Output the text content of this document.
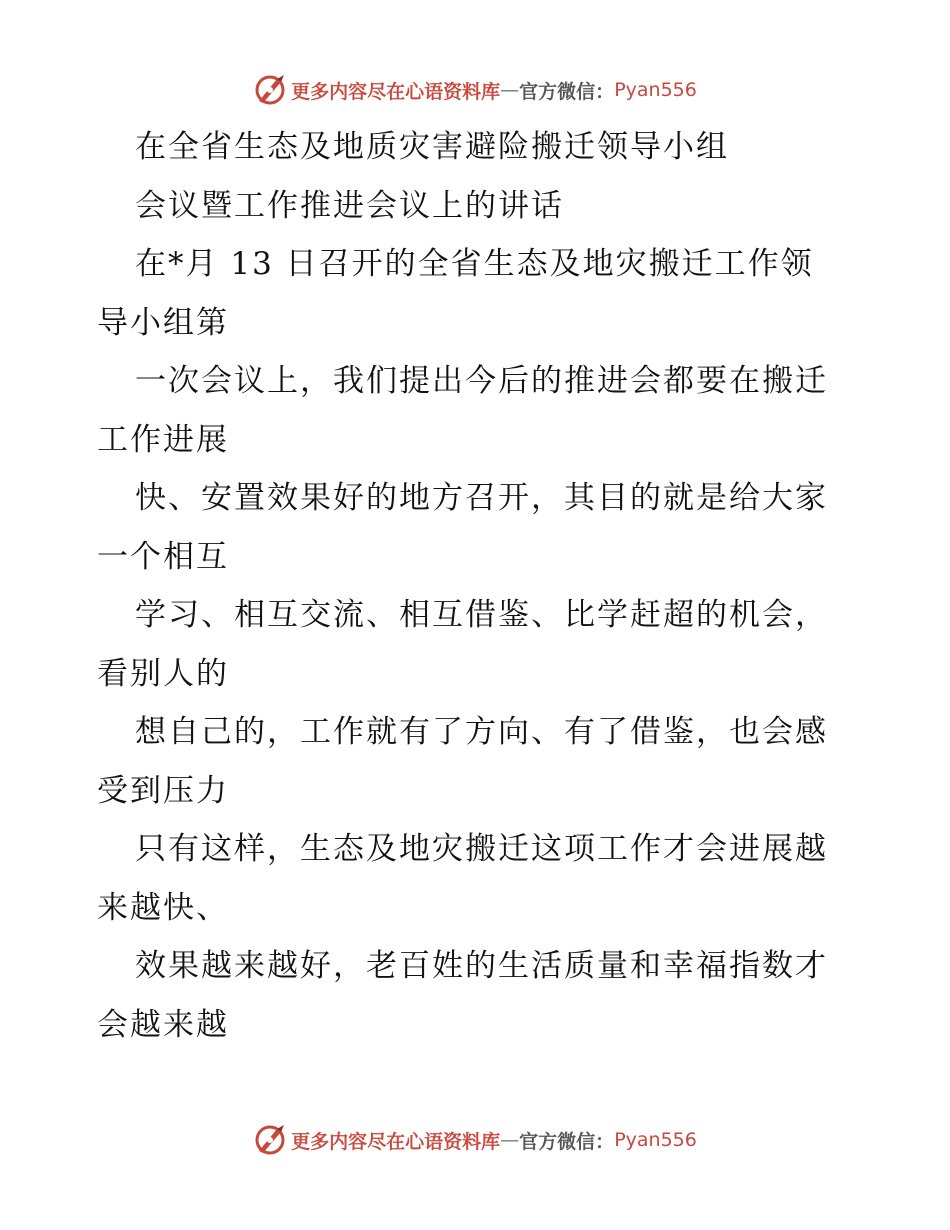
更多内容尽在心语资料库 — 官方微信： Pyan556
在全省生态及地质灾害避险搬迁领导小组
会议暨工作推进会议上的讲话
在*月 13 日召开的全省生态及地灾搬迁工作领
导小组第
一次会议上，我们提出今后的推进会都要在搬迁
工作进展
快、安置效果好的地方召开，其目的就是给大家
一个相互
学习、相互交流、相互借鉴、比学赶超的机会，
看别人的
想自己的，工作就有了方向、有了借鉴，也会感
受到压力
只有这样，生态及地灾搬迁这项工作才会进展越
来越快、
效果越来越好，老百姓的生活质量和幸福指数才
会越来越
更多内容尽在心语资料库 — 官方微信： Pyan556
